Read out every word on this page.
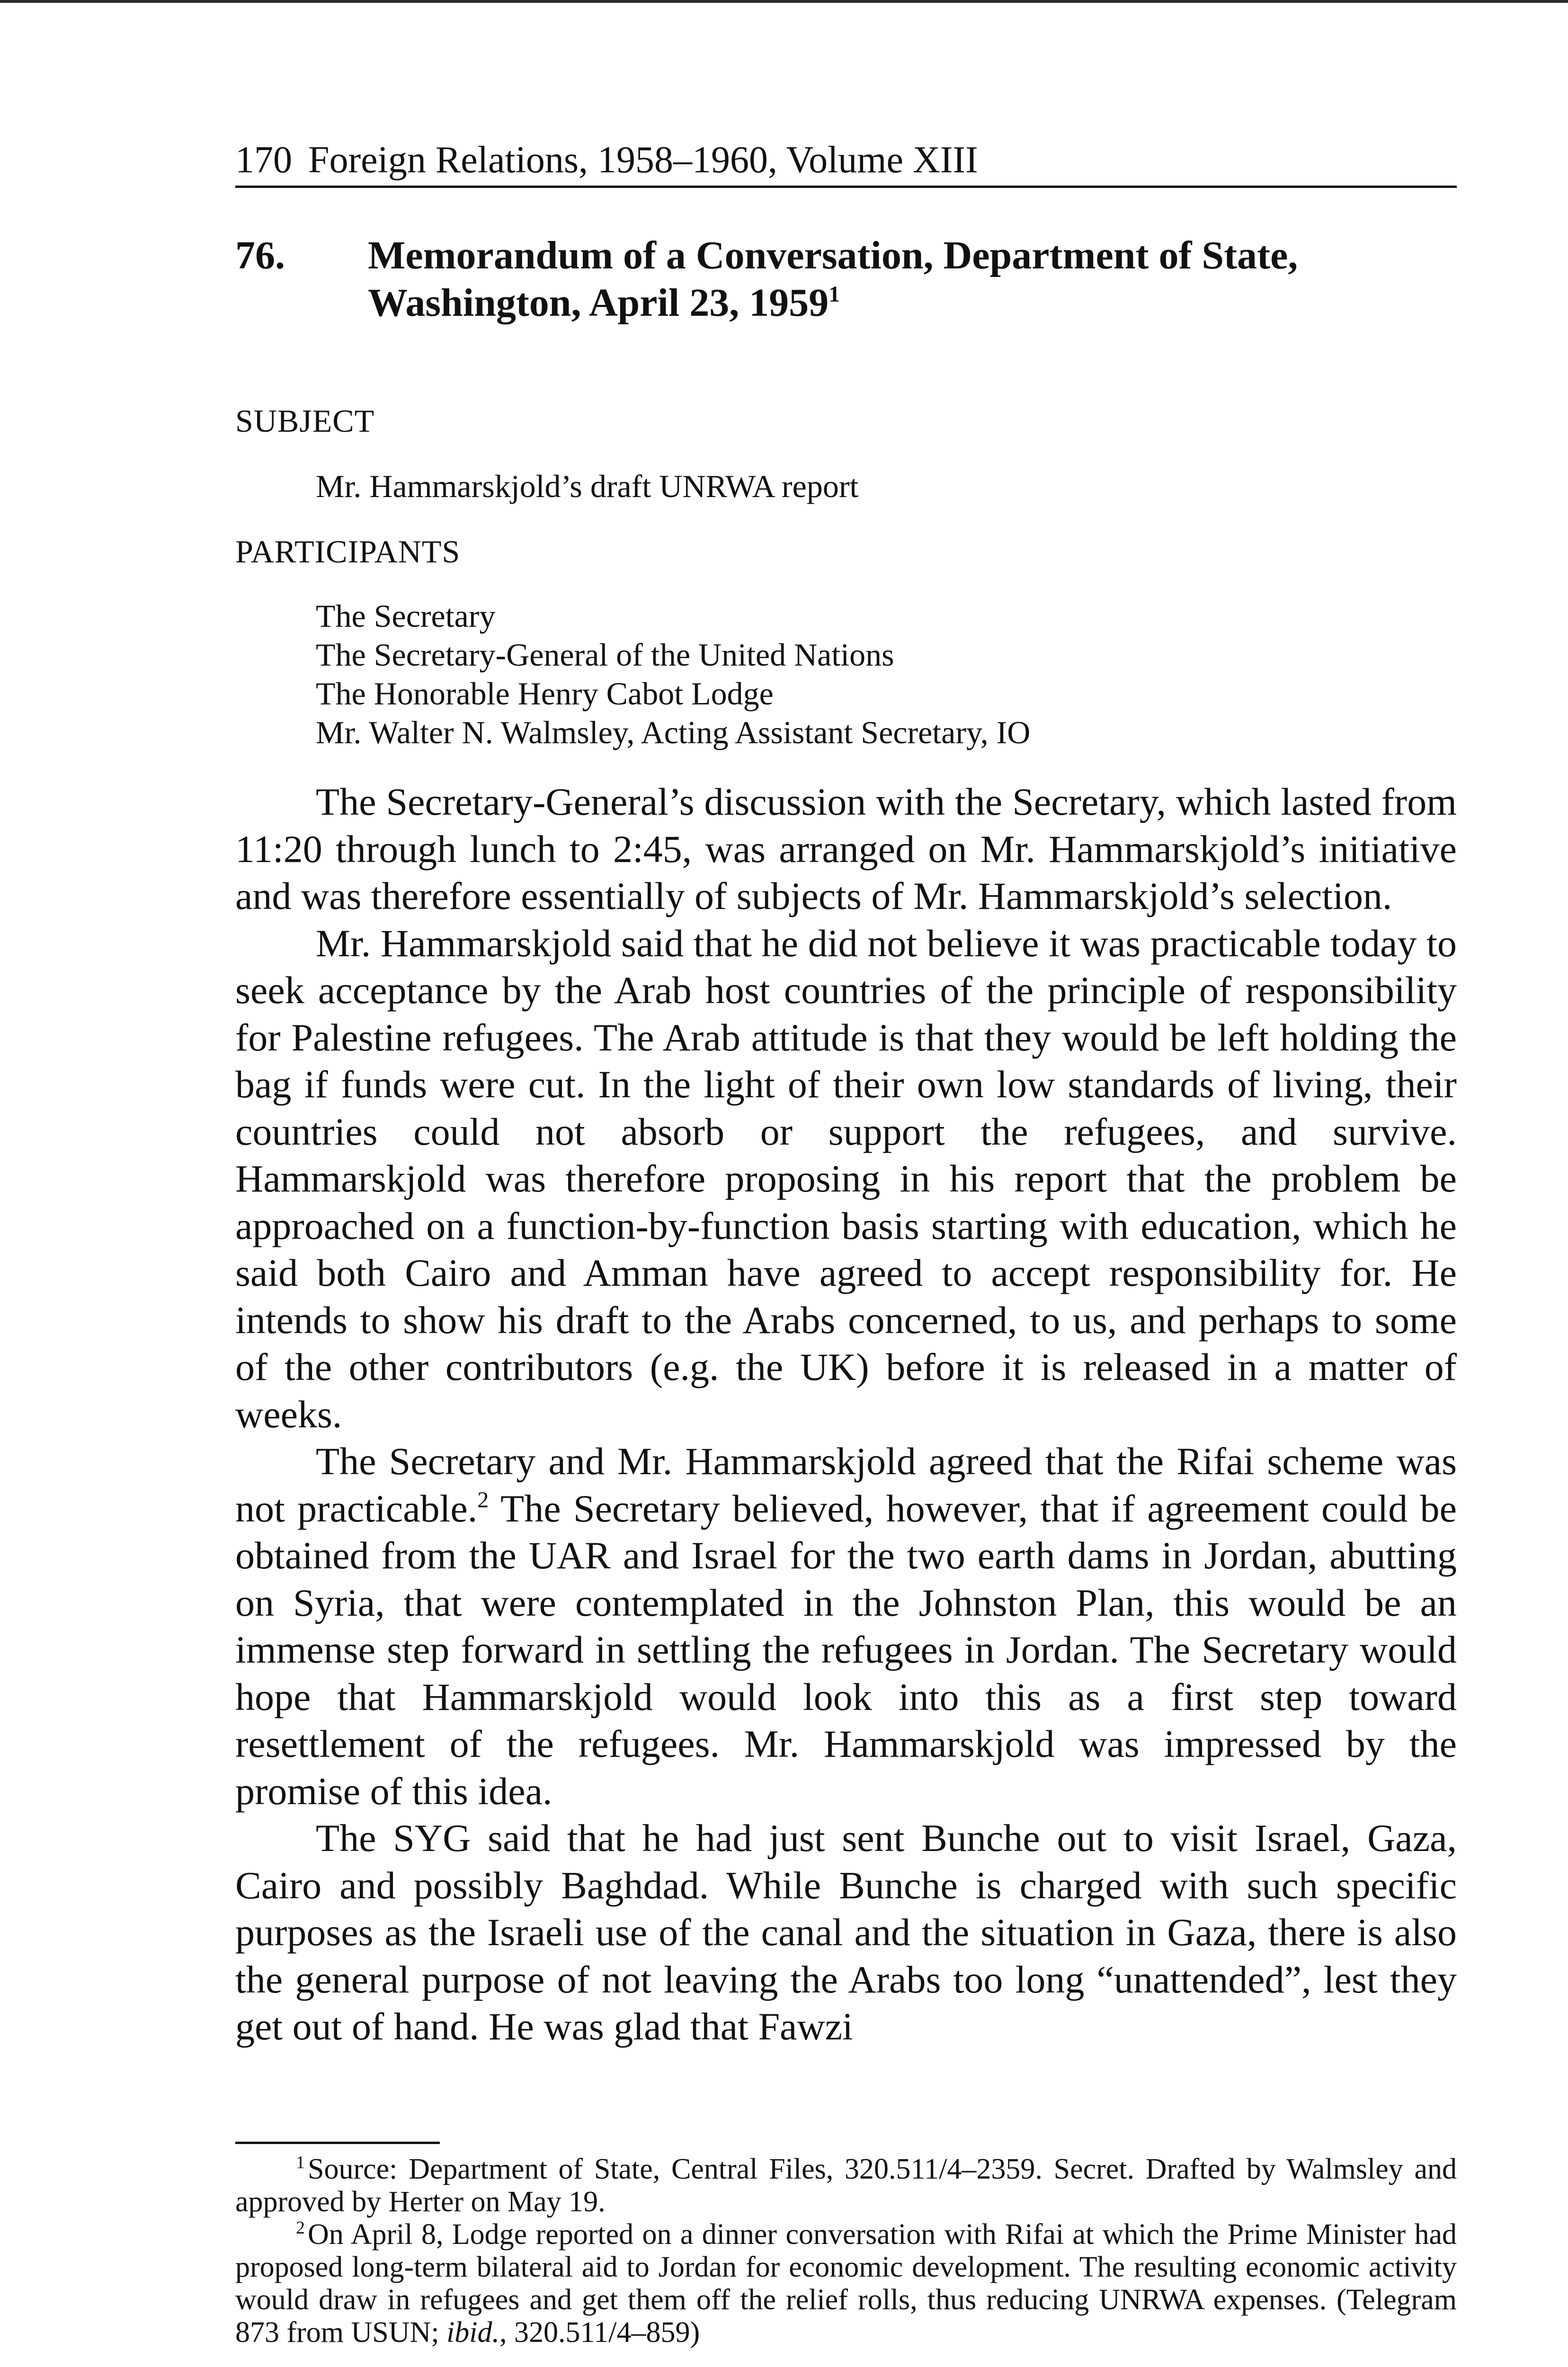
170 Foreign Relations, 1958–1960, Volume XIII
76. Memorandum of a Conversation, Department of State, Washington, April 23, 1959$^1$
SUBJECT
Mr. Hammarskjold’s draft UNRWA report
PARTICIPANTS
The Secretary
The Secretary-General of the United Nations
The Honorable Henry Cabot Lodge
Mr. Walter N. Walmsley, Acting Assistant Secretary, IO

The Secretary-General’s discussion with the Secretary, which lasted from 11:20 through lunch to 2:45, was arranged on Mr. Hammarskjold’s initiative and was therefore essentially of subjects of Mr. Hammarskjold’s selection.

Mr. Hammarskjold said that he did not believe it was practicable today to seek acceptance by the Arab host countries of the principle of responsibility for Palestine refugees. The Arab attitude is that they would be left holding the bag if funds were cut. In the light of their own low standards of living, their countries could not absorb or support the refugees, and survive. Hammarskjold was therefore proposing in his report that the problem be approached on a function-by-function basis starting with education, which he said both Cairo and Amman have agreed to accept responsibility for. He intends to show his draft to the Arabs concerned, to us, and perhaps to some of the other contributors (e.g. the UK) before it is released in a matter of weeks.

The Secretary and Mr. Hammarskjold agreed that the Rifai scheme was not practicable.$^2$ The Secretary believed, however, that if agreement could be obtained from the UAR and Israel for the two earth dams in Jordan, abutting on Syria, that were contemplated in the Johnston Plan, this would be an immense step forward in settling the refugees in Jordan. The Secretary would hope that Hammarskjold would look into this as a first step toward resettlement of the refugees. Mr. Hammarskjold was impressed by the promise of this idea.

The SYG said that he had just sent Bunche out to visit Israel, Gaza, Cairo and possibly Baghdad. While Bunche is charged with such specific purposes as the Israeli use of the canal and the situation in Gaza, there is also the general purpose of not leaving the Arabs too long “unattended”, lest they get out of hand. He was glad that Fawzi

$^1$Source: Department of State, Central Files, 320.511/4–2359. Secret. Drafted by Walmsley and approved by Herter on May 19.

$^2$On April 8, Lodge reported on a dinner conversation with Rifai at which the Prime Minister had proposed long-term bilateral aid to Jordan for economic development. The resulting economic activity would draw in refugees and get them off the relief rolls, thus reducing UNRWA expenses. (Telegram 873 from USUN; ibid., 320.511/4–859)
